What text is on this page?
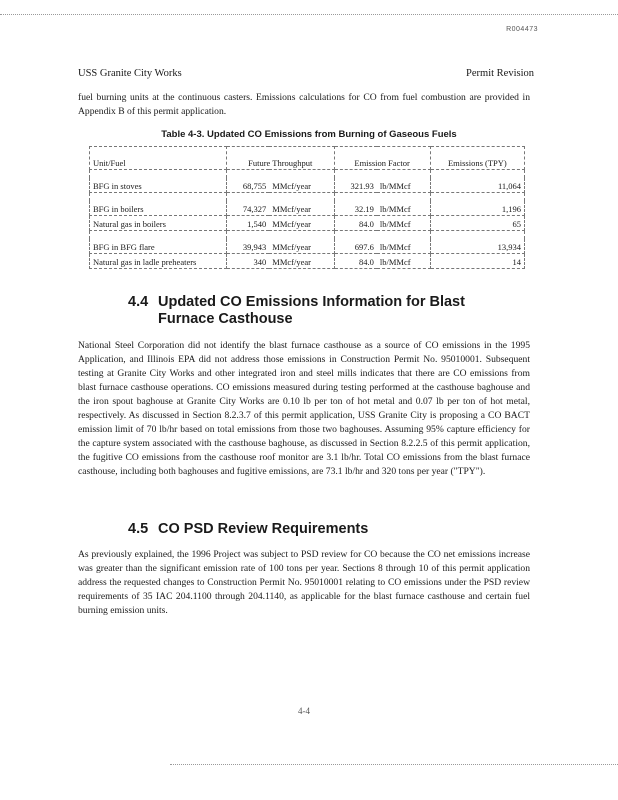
R004473
USS Granite City Works	Permit Revision
fuel burning units at the continuous casters. Emissions calculations for CO from fuel combustion are provided in Appendix B of this permit application.
Table 4-3. Updated CO Emissions from Burning of Gaseous Fuels
Unit/Fuel	Future Throughput		Emission Factor		Emissions (TPY)

BFG in stoves	68,755	MMcf/year	321.93	lb/MMcf	11,064

BFG in boilers	74,327	MMcf/year	32.19	lb/MMcf	1,196
Natural gas in boilers	1,540	MMcf/year	84.0	lb/MMcf	65

BFG in BFG flare	39,943	MMcf/year	697.6	lb/MMcf	13,934
Natural gas in ladle preheaters	340	MMcf/year	84.0	lb/MMcf	14
4.4 Updated CO Emissions Information for Blast Furnace Casthouse
National Steel Corporation did not identify the blast furnace casthouse as a source of CO emissions in the 1995 Application, and Illinois EPA did not address those emissions in Construction Permit No. 95010001. Subsequent testing at Granite City Works and other integrated iron and steel mills indicates that there are CO emissions from blast furnace casthouse operations. CO emissions measured during testing performed at the casthouse baghouse and the iron spout baghouse at Granite City Works are 0.10 lb per ton of hot metal and 0.07 lb per ton of hot metal, respectively. As discussed in Section 8.2.3.7 of this permit application, USS Granite City is proposing a CO BACT emission limit of 70 lb/hr based on total emissions from those two baghouses. Assuming 95% capture efficiency for the capture system associated with the casthouse baghouse, as discussed in Section 8.2.2.5 of this permit application, the fugitive CO emissions from the casthouse roof monitor are 3.1 lb/hr. Total CO emissions from the blast furnace casthouse, including both baghouses and fugitive emissions, are 73.1 lb/hr and 320 tons per year ("TPY").
4.5 CO PSD Review Requirements
As previously explained, the 1996 Project was subject to PSD review for CO because the CO net emissions increase was greater than the significant emission rate of 100 tons per year. Sections 8 through 10 of this permit application address the requested changes to Construction Permit No. 95010001 relating to CO emissions under the PSD review requirements of 35 IAC 204.1100 through 204.1140, as applicable for the blast furnace casthouse and certain fuel burning emission units.
4-4
